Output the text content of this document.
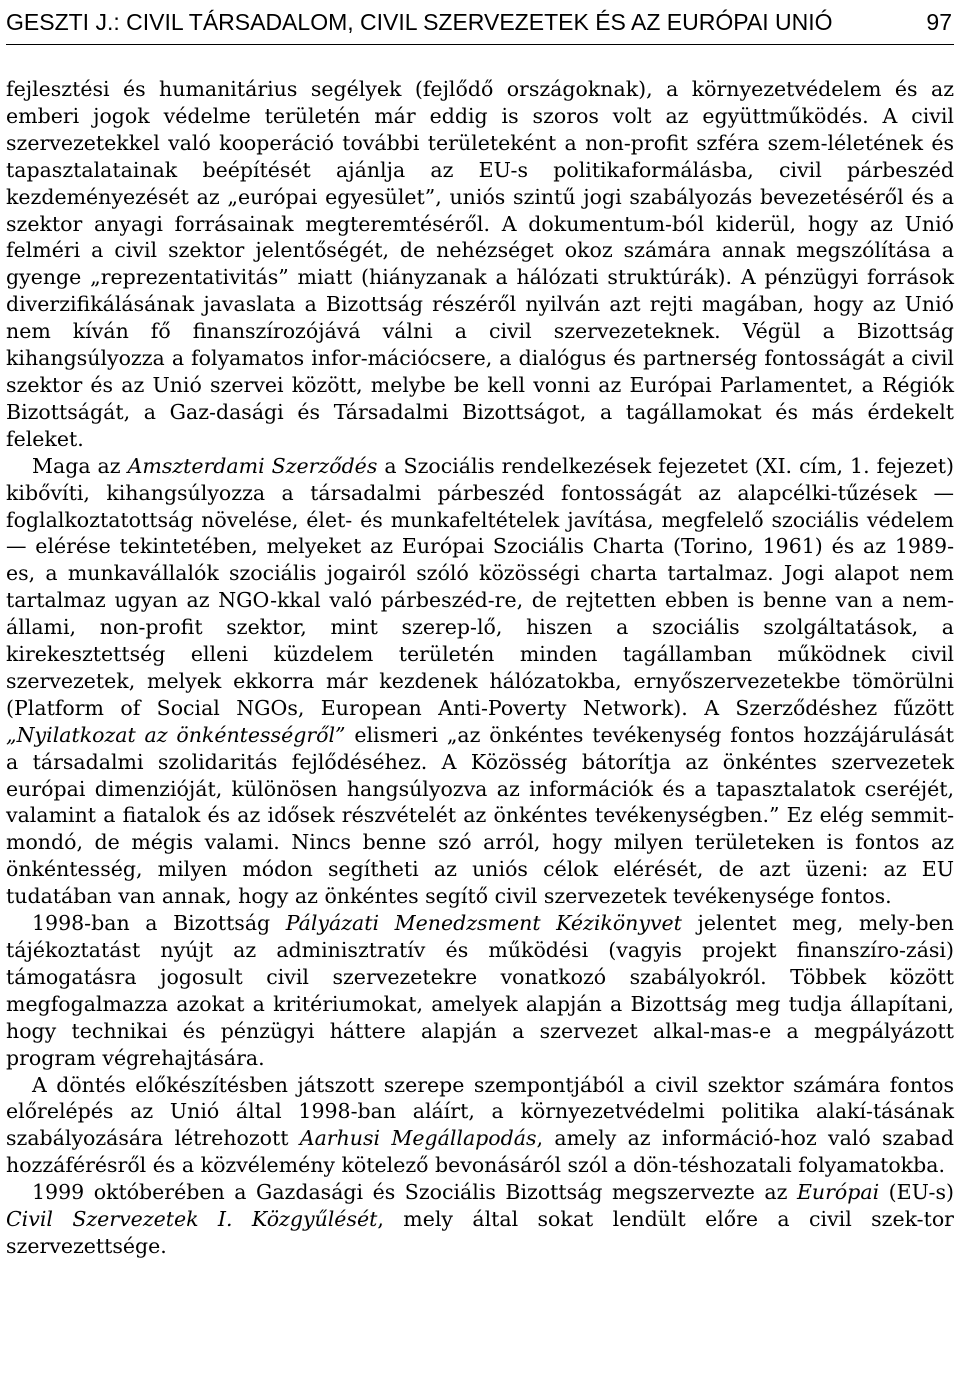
GESZTI J.: CIVIL TÁRSADALOM, CIVIL SZERVEZETEK ÉS AZ EURÓPAI UNIÓ	97

fejlesztési és humanitárius segélyek (fejlődő országoknak), a környezetvédelem és az emberi jogok védelme területén már eddig is szoros volt az együttműködés. A civil szervezetekkel való kooperáció további területeként a non-profit szféra szem-léletének és tapasztalatainak beépítését ajánlja az EU-s politikaformálásba, civil párbeszéd kezdeményezését az „európai egyesület”, uniós szintű jogi szabályozás bevezetéséről és a szektor anyagi forrásainak megteremtéséről. A dokumentum-ból kiderül, hogy az Unió felméri a civil szektor jelentőségét, de nehézséget okoz számára annak megszólítása a gyenge „reprezentativitás” miatt (hiányzanak a hálózati struktúrák). A pénzügyi források diverzifikálásának javaslata a Bizottság részéről nyilván azt rejti magában, hogy az Unió nem kíván fő finanszírozójává válni a civil szervezeteknek. Végül a Bizottság kihangsúlyozza a folyamatos infor-mációcsere, a dialógus és partnerség fontosságát a civil szektor és az Unió szervei között, melybe be kell vonni az Európai Parlamentet, a Régiók Bizottságát, a Gaz-dasági és Társadalmi Bizottságot, a tagállamokat és más érdekelt feleket.

Maga az Amszterdami Szerződés a Szociális rendelkezések fejezetet (XI. cím, 1. fejezet) kibővíti, kihangsúlyozza a társadalmi párbeszéd fontosságát az alapcélki-tűzések — foglalkoztatottság növelése, élet- és munkafeltételek javítása, megfelelő szociális védelem — elérése tekintetében, melyeket az Európai Szociális Charta (Torino, 1961) és az 1989-es, a munkavállalók szociális jogairól szóló közösségi charta tartalmaz. Jogi alapot nem tartalmaz ugyan az NGO-kkal való párbeszéd-re, de rejtetten ebben is benne van a nem-állami, non-profit szektor, mint szerep-lő, hiszen a szociális szolgáltatások, a kirekesztettség elleni küzdelem területén minden tagállamban működnek civil szervezetek, melyek ekkorra már kezdenek hálózatokba, ernyőszervezetekbe tömörülni (Platform of Social NGOs, European Anti-Poverty Network). A Szerződéshez fűzött „Nyilatkozat az önkéntességről” elismeri „az önkéntes tevékenység fontos hozzájárulását a társadalmi szolidaritás fejlődéséhez. A Közösség bátorítja az önkéntes szervezetek európai dimenzióját, különösen hangsúlyozva az információk és a tapasztalatok cseréjét, valamint a fiatalok és az idősek részvételét az önkéntes tevékenységben.” Ez elég semmit-mondó, de mégis valami. Nincs benne szó arról, hogy milyen területeken is fontos az önkéntesség, milyen módon segítheti az uniós célok elérését, de azt üzeni: az EU tudatában van annak, hogy az önkéntes segítő civil szervezetek tevékenysége fontos.

1998-ban a Bizottság Pályázati Menedzsment Kézikönyvet jelentet meg, mely-ben tájékoztatást nyújt az adminisztratív és működési (vagyis projekt finanszíro-zási) támogatásra jogosult civil szervezetekre vonatkozó szabályokról. Többek között megfogalmazza azokat a kritériumokat, amelyek alapján a Bizottság meg tudja állapítani, hogy technikai és pénzügyi háttere alapján a szervezet alkal-mas-e a megpályázott program végrehajtására.

A döntés előkészítésben játszott szerepe szempontjából a civil szektor számára fontos előrelépés az Unió által 1998-ban aláírt, a környezetvédelmi politika alakí-tásának szabályozására létrehozott Aarhusi Megállapodás, amely az információ-hoz való szabad hozzáférésről és a közvélemény kötelező bevonásáról szól a dön-téshozatali folyamatokba.

1999 októberében a Gazdasági és Szociális Bizottság megszervezte az Európai (EU-s) Civil Szervezetek I. Közgyűlését, mely által sokat lendült előre a civil szek-tor szervezettsége.
